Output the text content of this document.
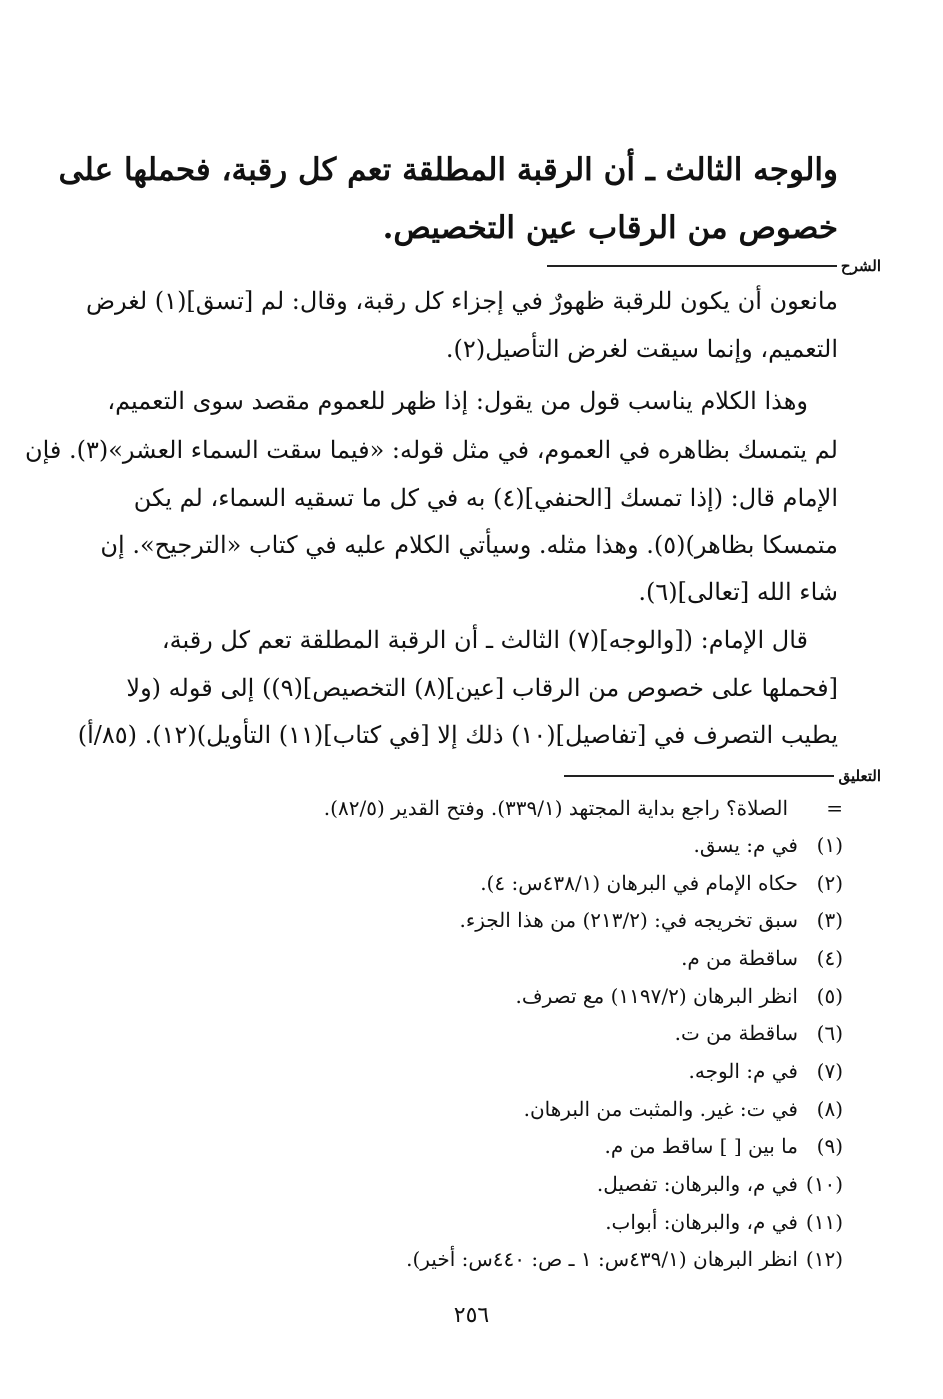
والوجه الثالث ـ أن الرقبة المطلقة تعم كل رقبة، فحملها على
خصوص من الرقاب عين التخصيص.
الشرح
مانعون أن يكون للرقبة ظهورٌ في إجزاء كل رقبة، وقال: لم [تسق](١) لغرض
التعميم، وإنما سيقت لغرض التأصيل(٢).
وهذا الكلام يناسب قول من يقول: إذا ظهر للعموم مقصد سوى التعميم،
لم يتمسك بظاهره في العموم، في مثل قوله: «فيما سقت السماء العشر»(٣). فإن
الإمام قال: (إذا تمسك [الحنفي](٤) به في كل ما تسقيه السماء، لم يكن
متمسكا بظاهر)(٥). وهذا مثله. وسيأتي الكلام عليه في كتاب «الترجيح». إن
شاء الله [تعالى](٦).
قال الإمام: ([والوجه](٧) الثالث ـ أن الرقبة المطلقة تعم كل رقبة،
[فحملها على خصوص من الرقاب [عين](٨) التخصيص](٩)) إلى قوله (ولا
يطيب التصرف في [تفاصيل](١٠) ذلك إلا [في كتاب](١١) التأويل)(١٢). (٨٥/أ)
التعليق
=
الصلاة؟ راجع بداية المجتهد (٣٣٩/١). وفتح القدير (٨٢/٥).
(١)
في م: يسق.
(٢)
حكاه الإمام في البرهان (٤٣٨/١س: ٤).
(٣)
سبق تخريجه في: (٢١٣/٢) من هذا الجزء.
(٤)
ساقطة من م.
(٥)
انظر البرهان (١١٩٧/٢) مع تصرف.
(٦)
ساقطة من ت.
(٧)
في م: الوجه.
(٨)
في ت: غير. والمثبت من البرهان.
(٩)
ما بين [ ] ساقط من م.
(١٠)
في م، والبرهان: تفصيل.
(١١)
في م، والبرهان: أبواب.
(١٢)
انظر البرهان (٤٣٩/١س: ١ ـ ص: ٤٤٠س: أخير).
٢٥٦
